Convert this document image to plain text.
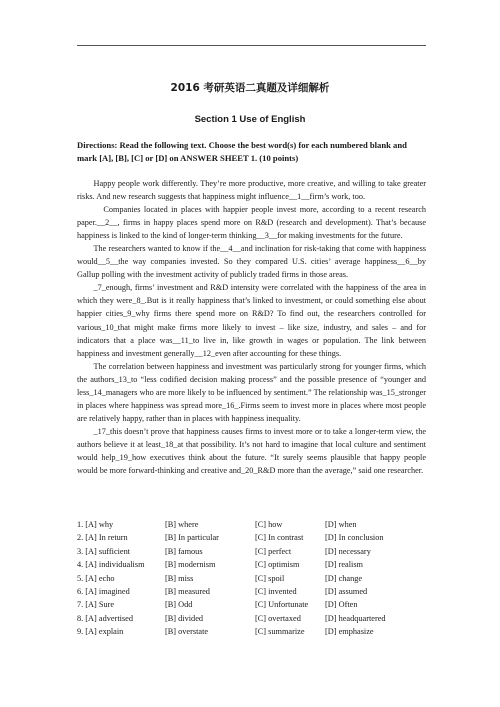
2016 考研英语二真题及详细解析
Section 1 Use of English
Directions: Read the following text. Choose the best word(s) for each numbered blank and mark [A], [B], [C] or [D] on ANSWER SHEET 1. (10 points)

Happy people work differently. They’re more productive, more creative, and willing to take greater risks. And new research suggests that happiness might influence__1__firm’s work, too.

Companies located in places with happier people invest more, according to a recent research paper.__2__, firms in happy places spend more on R&D (research and development). That’s because happiness is linked to the kind of longer-term thinking__3__for making investments for the future.

The researchers wanted to know if the__4__and inclination for risk-taking that come with happiness would__5__the way companies invested. So they compared U.S. cities’ average happiness__6__by Gallup polling with the investment activity of publicly traded firms in those areas.

_7_enough, firms’ investment and R&D intensity were correlated with the happiness of the area in which they were_8_.But is it really happiness that’s linked to investment, or could something else about happier cities_9_why firms there spend more on R&D? To find out, the researchers controlled for various_10_that might make firms more likely to invest – like size, industry, and sales – and for indicators that a place was__11_to live in, like growth in wages or population. The link between happiness and investment generally__12_even after accounting for these things.

The correlation between happiness and investment was particularly strong for younger firms, which the authors_13_to “less codified decision making process” and the possible presence of “younger and less_14_managers who are more likely to be influenced by sentiment.” The relationship was_15_stronger in places where happiness was spread more_16_.Firms seem to invest more in places where most people are relatively happy, rather than in places with happiness inequality.

_17_this doesn’t prove that happiness causes firms to invest more or to take a longer-term view, the authors believe it at least_18_at that possibility. It’s not hard to imagine that local culture and sentiment would help_19_how executives think about the future. “It surely seems plausible that happy people would be more forward-thinking and creative and_20_R&D more than the average,” said one researcher.

1. [A] why	[B] where	[C] how	[D] when
2. [A] In return	[B] In particular	[C] In contrast	[D] In conclusion
3. [A] sufficient	[B] famous	[C] perfect	[D] necessary
4. [A] individualism	[B] modernism	[C] optimism	[D] realism
5. [A] echo	[B] miss	[C] spoil	[D] change
6. [A] imagined	[B] measured	[C] invented	[D] assumed
7. [A] Sure	[B] Odd	[C] Unfortunate	[D] Often
8. [A] advertised	[B] divided	[C] overtaxed	[D] headquartered
9. [A] explain	[B] overstate	[C] summarize	[D] emphasize
